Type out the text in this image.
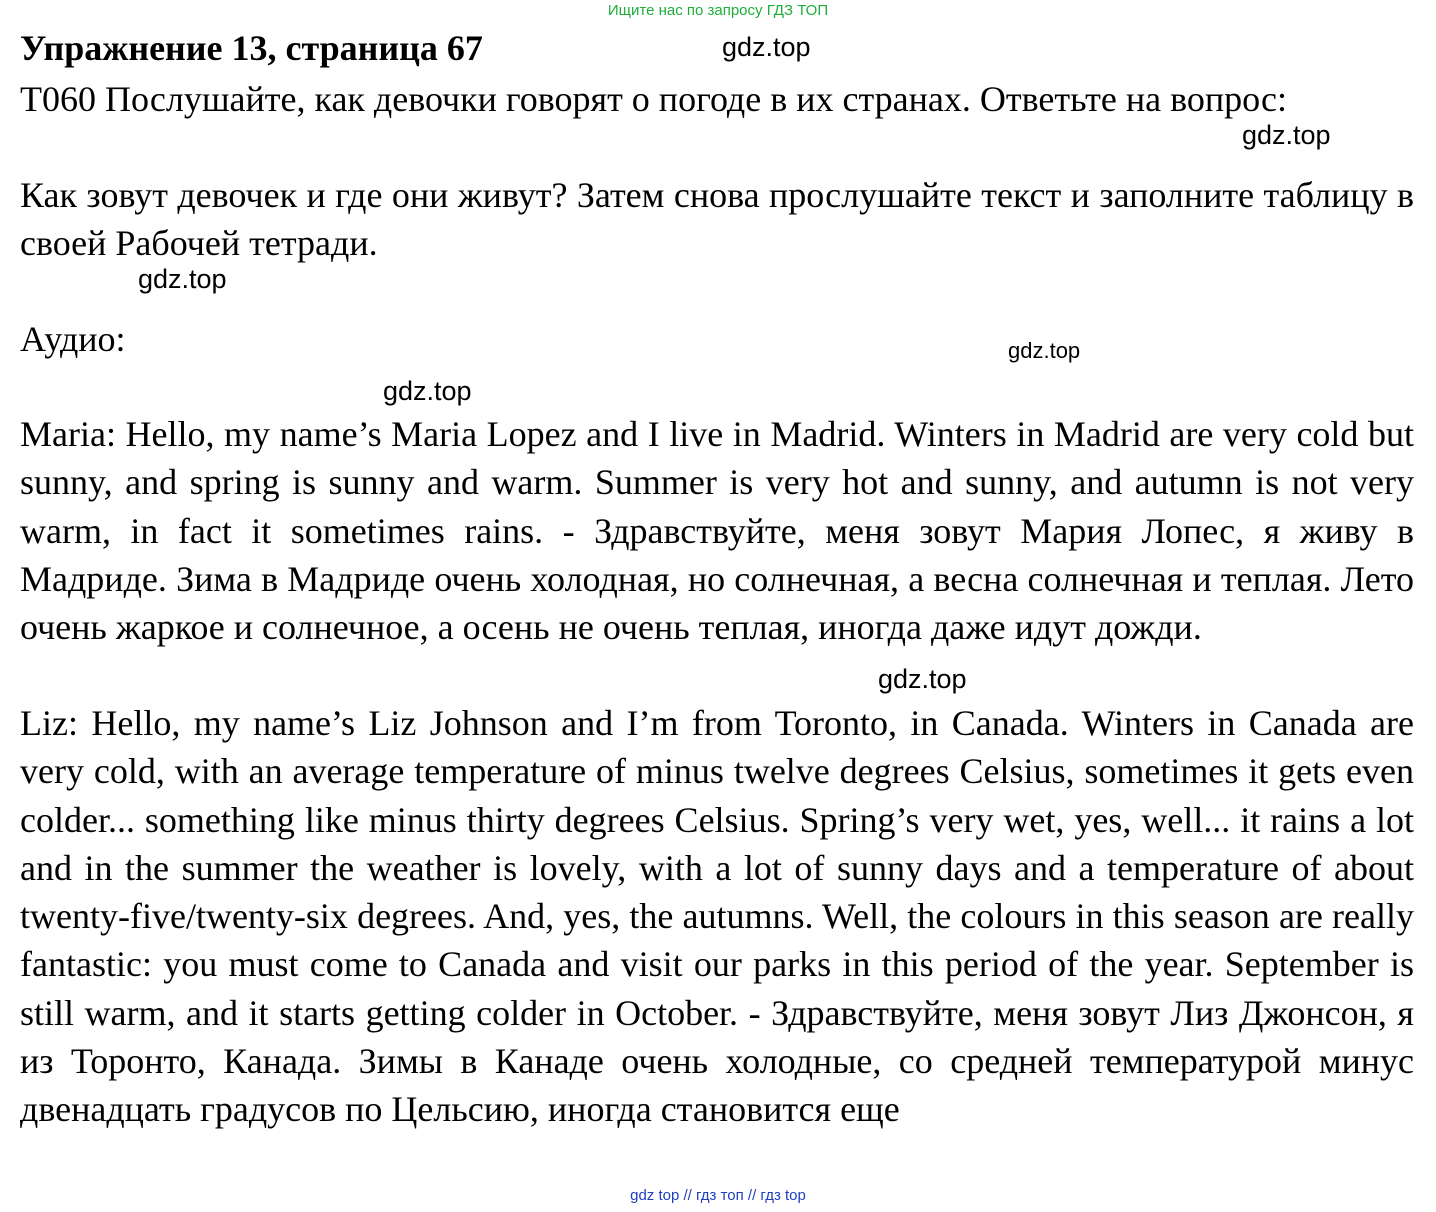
Ищите нас по запросу ГДЗ ТОП
Упражнение 13, страница 67

T060 Послушайте, как девочки говорят о погоде в их странах. Ответьте на вопрос:

Как зовут девочек и где они живут? Затем снова прослушайте текст и заполните таблицу в своей Рабочей тетради.

Аудио:

Maria: Hello, my name’s Maria Lopez and I live in Madrid. Winters in Madrid are very cold but sunny, and spring is sunny and warm. Summer is very hot and sunny, and autumn is not very warm, in fact it sometimes rains. - Здравствуйте, меня зовут Мария Лопес, я живу в Мадриде. Зима в Мадриде очень холодная, но солнечная, а весна солнечная и теплая. Лето очень жаркое и солнечное, а осень не очень теплая, иногда даже идут дожди.

Liz: Hello, my name’s Liz Johnson and I’m from Toronto, in Canada. Winters in Canada are very cold, with an average temperature of minus twelve degrees Celsius, sometimes it gets even colder... something like minus thirty degrees Celsius. Spring’s very wet, yes, well... it rains a lot and in the summer the weather is lovely, with a lot of sunny days and a temperature of about twenty-five/twenty-six degrees. And, yes, the autumns. Well, the colours in this season are really fantastic: you must come to Canada and visit our parks in this period of the year. September is still warm, and it starts getting colder in October. - Здравствуйте, меня зовут Лиз Джонсон, я из Торонто, Канада. Зимы в Канаде очень холодные, со средней температурой минус двенадцать градусов по Цельсию, иногда становится еще

gdz.top
gdz.top
gdz.top
gdz.top
gdz.top
gdz.top
gdz top // гдз топ // гдз top
